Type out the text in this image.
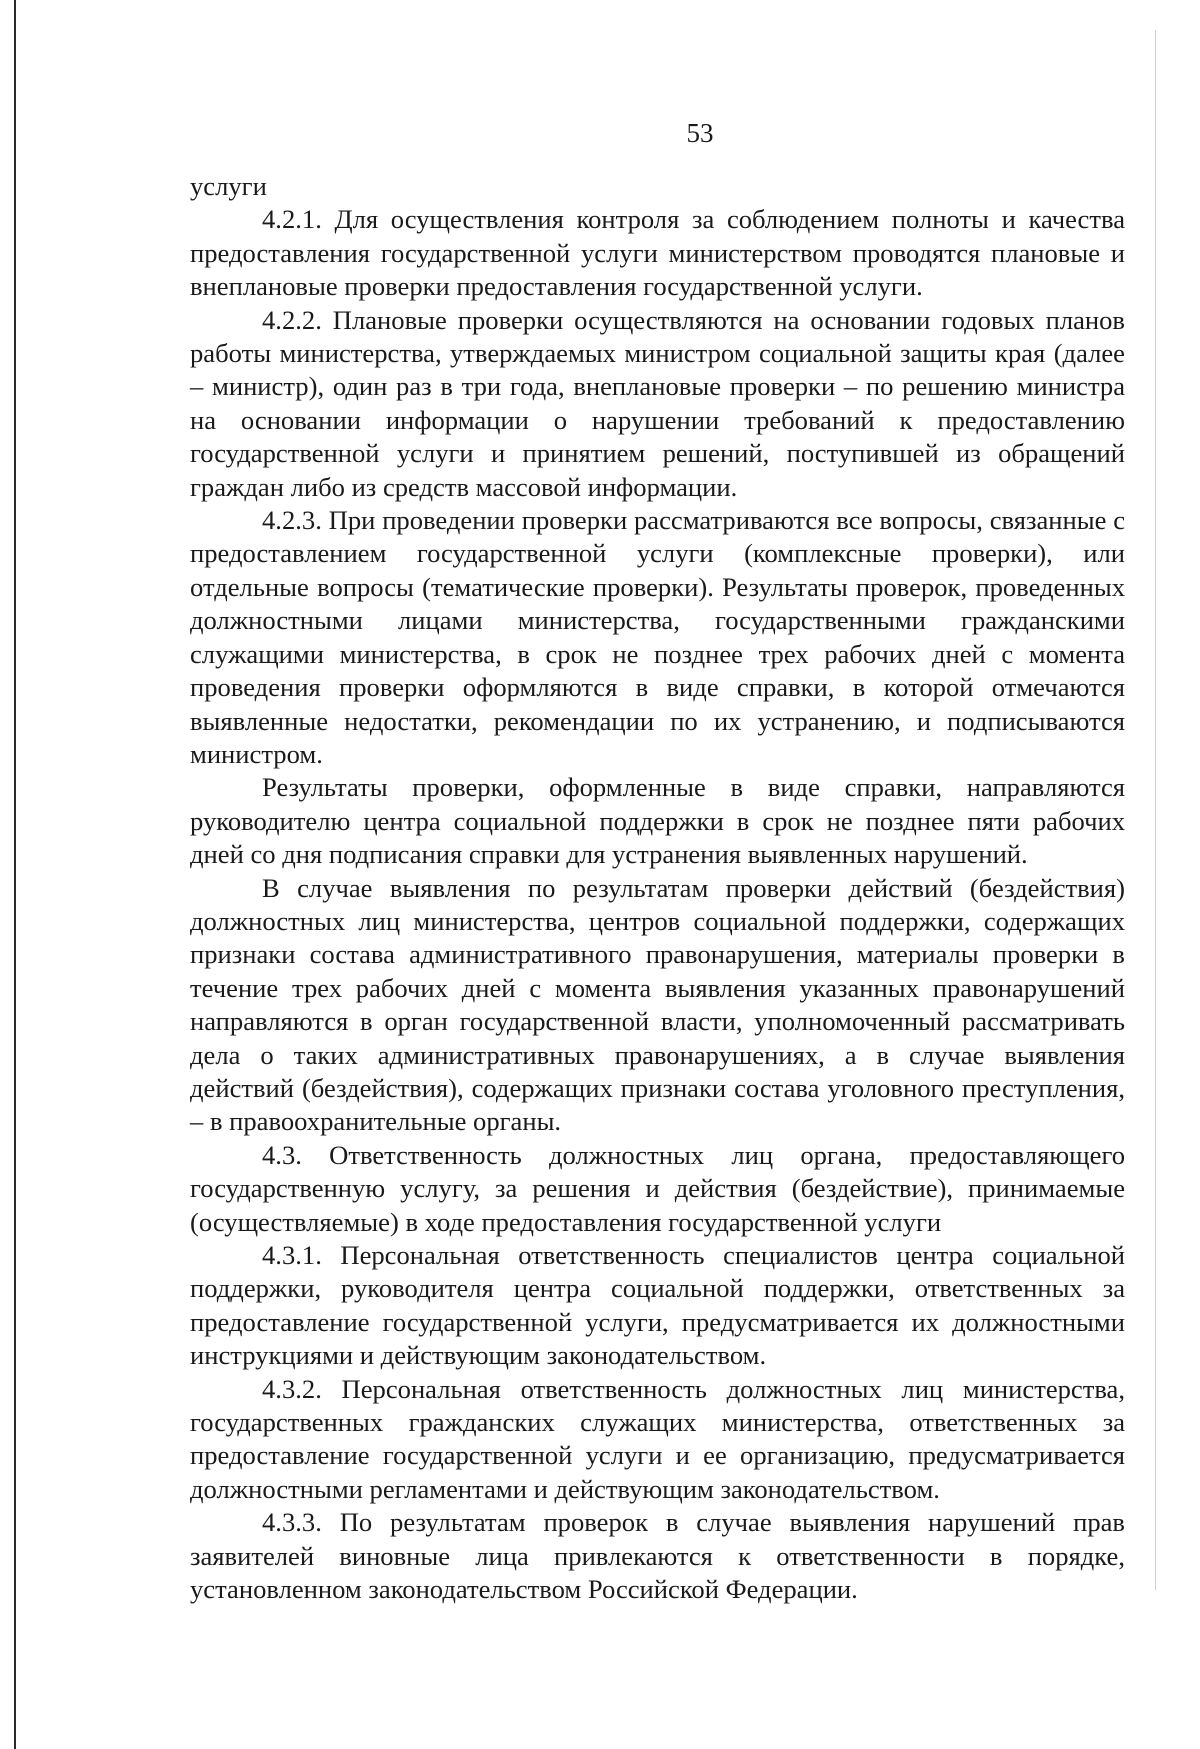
53

услуги

4.2.1. Для осуществления контроля за соблюдением полноты и качества предоставления государственной услуги министерством проводятся плановые и внеплановые проверки предоставления государственной услуги.

4.2.2. Плановые проверки осуществляются на основании годовых планов работы министерства, утверждаемых министром социальной защиты края (далее – министр), один раз в три года, внеплановые проверки – по решению министра на основании информации о нарушении требований к предоставлению государственной услуги и принятием решений, поступившей из обращений граждан либо из средств массовой информации.

4.2.3. При проведении проверки рассматриваются все вопросы, связанные с предоставлением государственной услуги (комплексные проверки), или отдельные вопросы (тематические проверки). Результаты проверок, проведенных должностными лицами министерства, государственными гражданскими служащими министерства, в срок не позднее трех рабочих дней с момента проведения проверки оформляются в виде справки, в которой отмечаются выявленные недостатки, рекомендации по их устранению, и подписываются министром.

Результаты проверки, оформленные в виде справки, направляются руководителю центра социальной поддержки в срок не позднее пяти рабочих дней со дня подписания справки для устранения выявленных нарушений.

В случае выявления по результатам проверки действий (бездействия) должностных лиц министерства, центров социальной поддержки, содержащих признаки состава административного правонарушения, материалы проверки в течение трех рабочих дней с момента выявления указанных правонарушений направляются в орган государственной власти, уполномоченный рассматривать дела о таких административных правонарушениях, а в случае выявления действий (бездействия), содержащих признаки состава уголовного преступления, – в правоохранительные органы.

4.3. Ответственность должностных лиц органа, предоставляющего государственную услугу, за решения и действия (бездействие), принимаемые (осуществляемые) в ходе предоставления государственной услуги

4.3.1. Персональная ответственность специалистов центра социальной поддержки, руководителя центра социальной поддержки, ответственных за предоставление государственной услуги, предусматривается их должностными инструкциями и действующим законодательством.

4.3.2. Персональная ответственность должностных лиц министерства, государственных гражданских служащих министерства, ответственных за предоставление государственной услуги и ее организацию, предусматривается должностными регламентами и действующим законодательством.

4.3.3. По результатам проверок в случае выявления нарушений прав заявителей виновные лица привлекаются к ответственности в порядке, установленном законодательством Российской Федерации.
